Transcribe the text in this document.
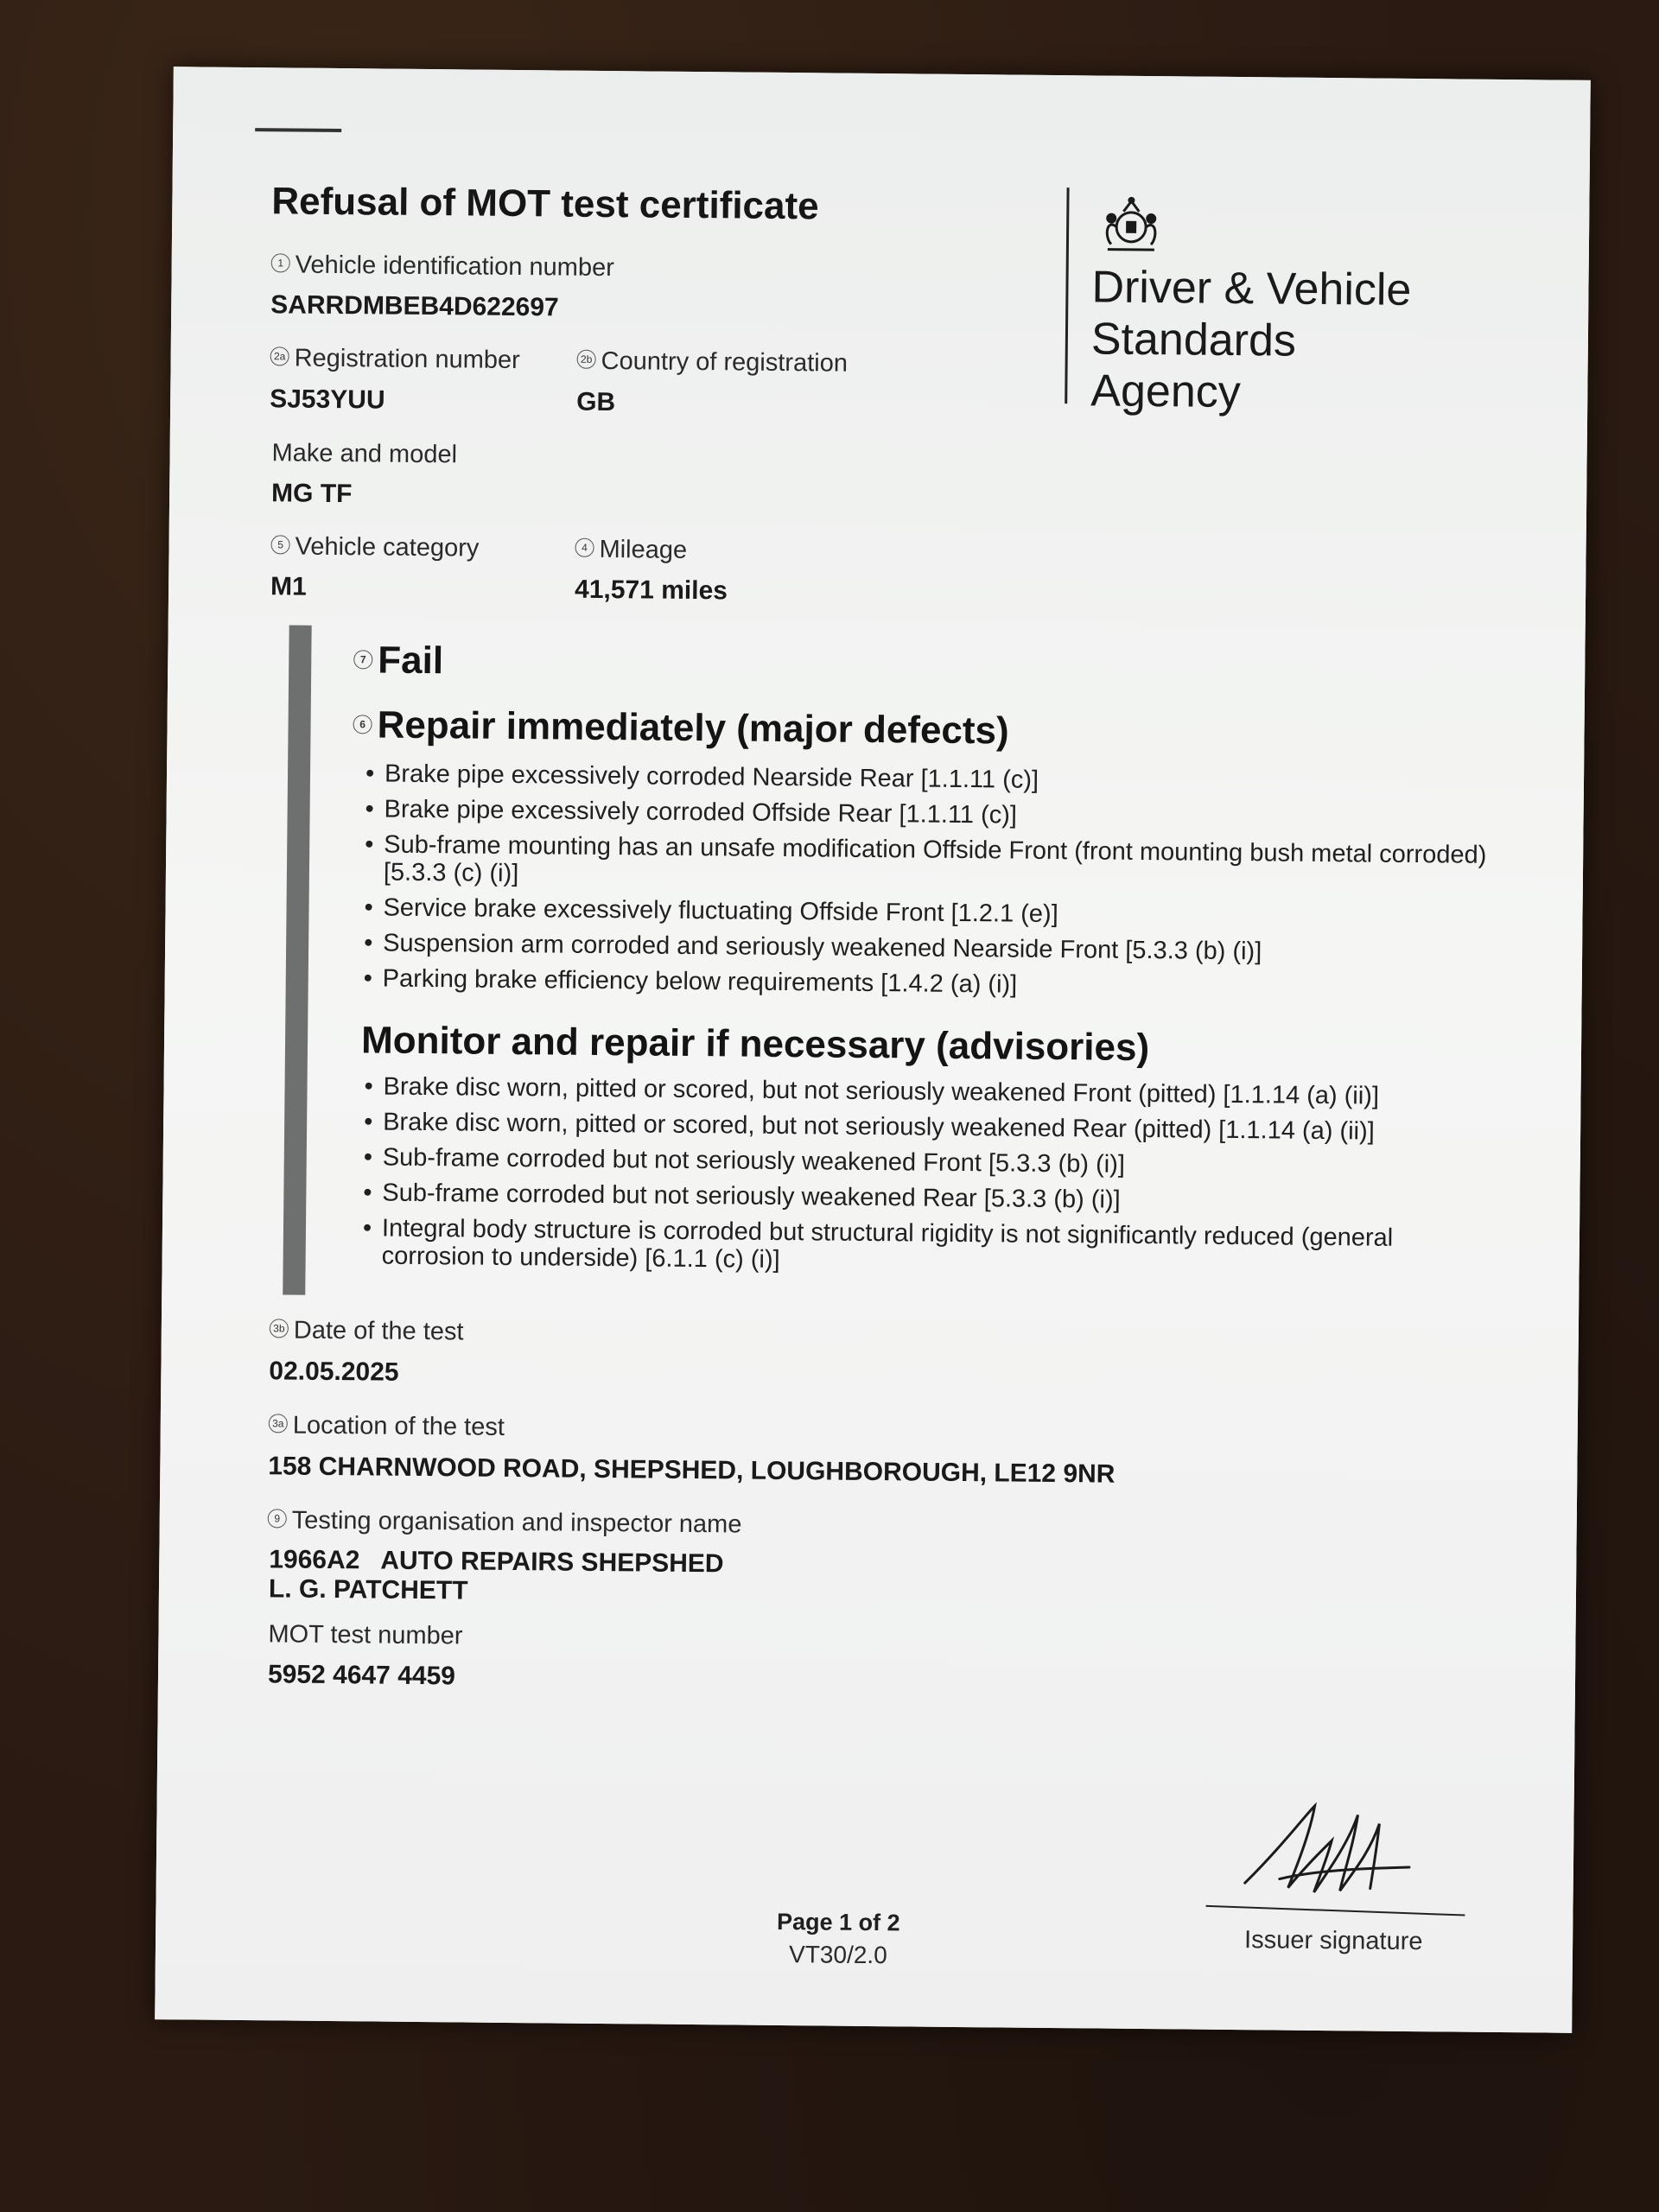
Refusal of MOT test certificate
Driver & Vehicle
Standards
Agency
1 Vehicle identification number
SARRDMBEB4D622697
2a Registration number
SJ53YUU
2b Country of registration
GB
Make and model
MG TF
5 Vehicle category
M1
4 Mileage
41,571 miles
7 Fail
6 Repair immediately (major defects)
• Brake pipe excessively corroded Nearside Rear [1.1.11 (c)]
• Brake pipe excessively corroded Offside Rear [1.1.11 (c)]
• Sub-frame mounting has an unsafe modification Offside Front (front mounting bush metal corroded) [5.3.3 (c) (i)]
• Service brake excessively fluctuating Offside Front [1.2.1 (e)]
• Suspension arm corroded and seriously weakened Nearside Front [5.3.3 (b) (i)]
• Parking brake efficiency below requirements [1.4.2 (a) (i)]
Monitor and repair if necessary (advisories)
• Brake disc worn, pitted or scored, but not seriously weakened Front (pitted) [1.1.14 (a) (ii)]
• Brake disc worn, pitted or scored, but not seriously weakened Rear (pitted) [1.1.14 (a) (ii)]
• Sub-frame corroded but not seriously weakened Front [5.3.3 (b) (i)]
• Sub-frame corroded but not seriously weakened Rear [5.3.3 (b) (i)]
• Integral body structure is corroded but structural rigidity is not significantly reduced (general corrosion to underside) [6.1.1 (c) (i)]
3b Date of the test
02.05.2025
3a Location of the test
158 CHARNWOOD ROAD, SHEPSHED, LOUGHBOROUGH, LE12 9NR
9 Testing organisation and inspector name
1966A2   AUTO REPAIRS SHEPSHED
L. G. PATCHETT
MOT test number
5952 4647 4459
Page 1 of 2
VT30/2.0	Issuer signature
